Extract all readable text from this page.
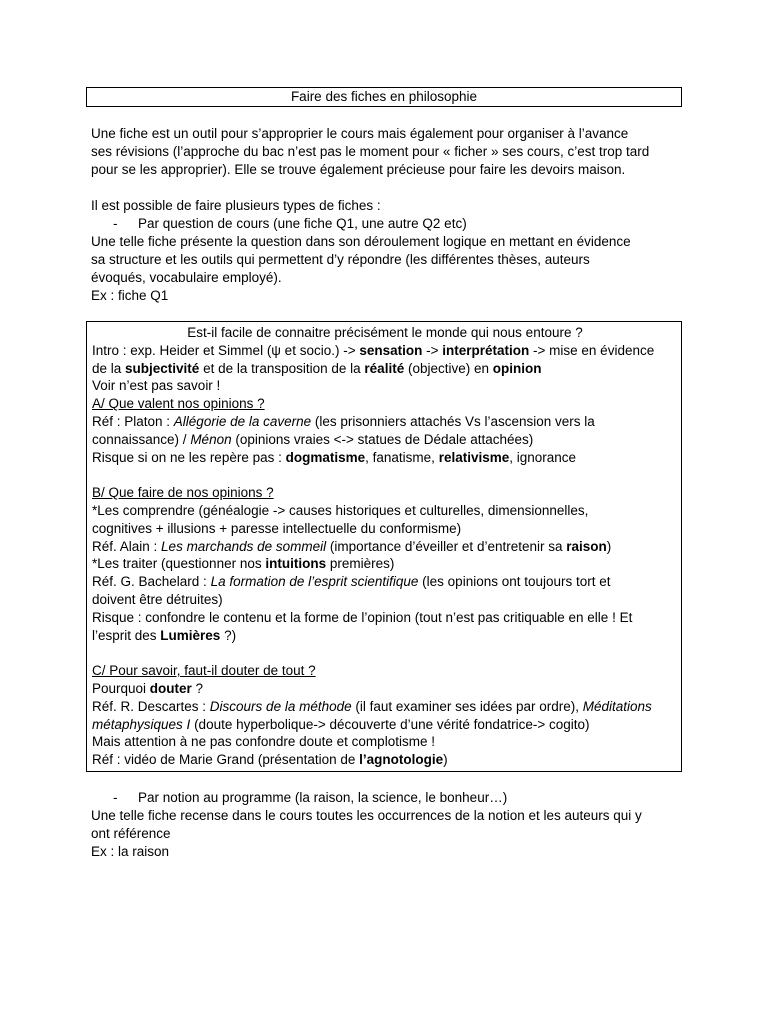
Faire des fiches en philosophie

Une fiche est un outil pour s’approprier le cours mais également pour organiser à l’avance

ses révisions (l’approche du bac n’est pas le moment pour « ficher » ses cours, c’est trop tard

pour se les approprier). Elle se trouve également précieuse pour faire les devoirs maison.

Il est possible de faire plusieurs types de fiches :

- Par question de cours (une fiche Q1, une autre Q2 etc)

Une telle fiche présente la question dans son déroulement logique en mettant en évidence

sa structure et les outils qui permettent d’y répondre (les différentes thèses, auteurs

évoqués, vocabulaire employé).

Ex : fiche Q1

Est-il facile de connaitre précisément le monde qui nous entoure ?

Intro : exp. Heider et Simmel (ψ et socio.) -> sensation -> interprétation -> mise en évidence

de la subjectivité et de la transposition de la réalité (objective) en opinion

Voir n’est pas savoir !

A/ Que valent nos opinions ?

Réf : Platon : Allégorie de la caverne (les prisonniers attachés Vs l’ascension vers la

connaissance) / Ménon (opinions vraies <-> statues de Dédale attachées)

Risque si on ne les repère pas : dogmatisme, fanatisme, relativisme, ignorance

B/ Que faire de nos opinions ?

*Les comprendre (généalogie -> causes historiques et culturelles, dimensionnelles,

cognitives + illusions + paresse intellectuelle du conformisme)

Réf. Alain : Les marchands de sommeil (importance d’éveiller et d’entretenir sa raison)

*Les traiter (questionner nos intuitions premières)

Réf. G. Bachelard : La formation de l’esprit scientifique (les opinions ont toujours tort et

doivent être détruites)

Risque : confondre le contenu et la forme de l’opinion (tout n’est pas critiquable en elle ! Et

l’esprit des Lumières ?)

C/ Pour savoir, faut-il douter de tout ?

Pourquoi douter ?

Réf. R. Descartes : Discours de la méthode (il faut examiner ses idées par ordre), Méditations

métaphysiques I (doute hyperbolique-> découverte d’une vérité fondatrice-> cogito)

Mais attention à ne pas confondre doute et complotisme !

Réf : vidéo de Marie Grand (présentation de l’agnotologie)

- Par notion au programme (la raison, la science, le bonheur…)

Une telle fiche recense dans le cours toutes les occurrences de la notion et les auteurs qui y

ont référence

Ex : la raison
